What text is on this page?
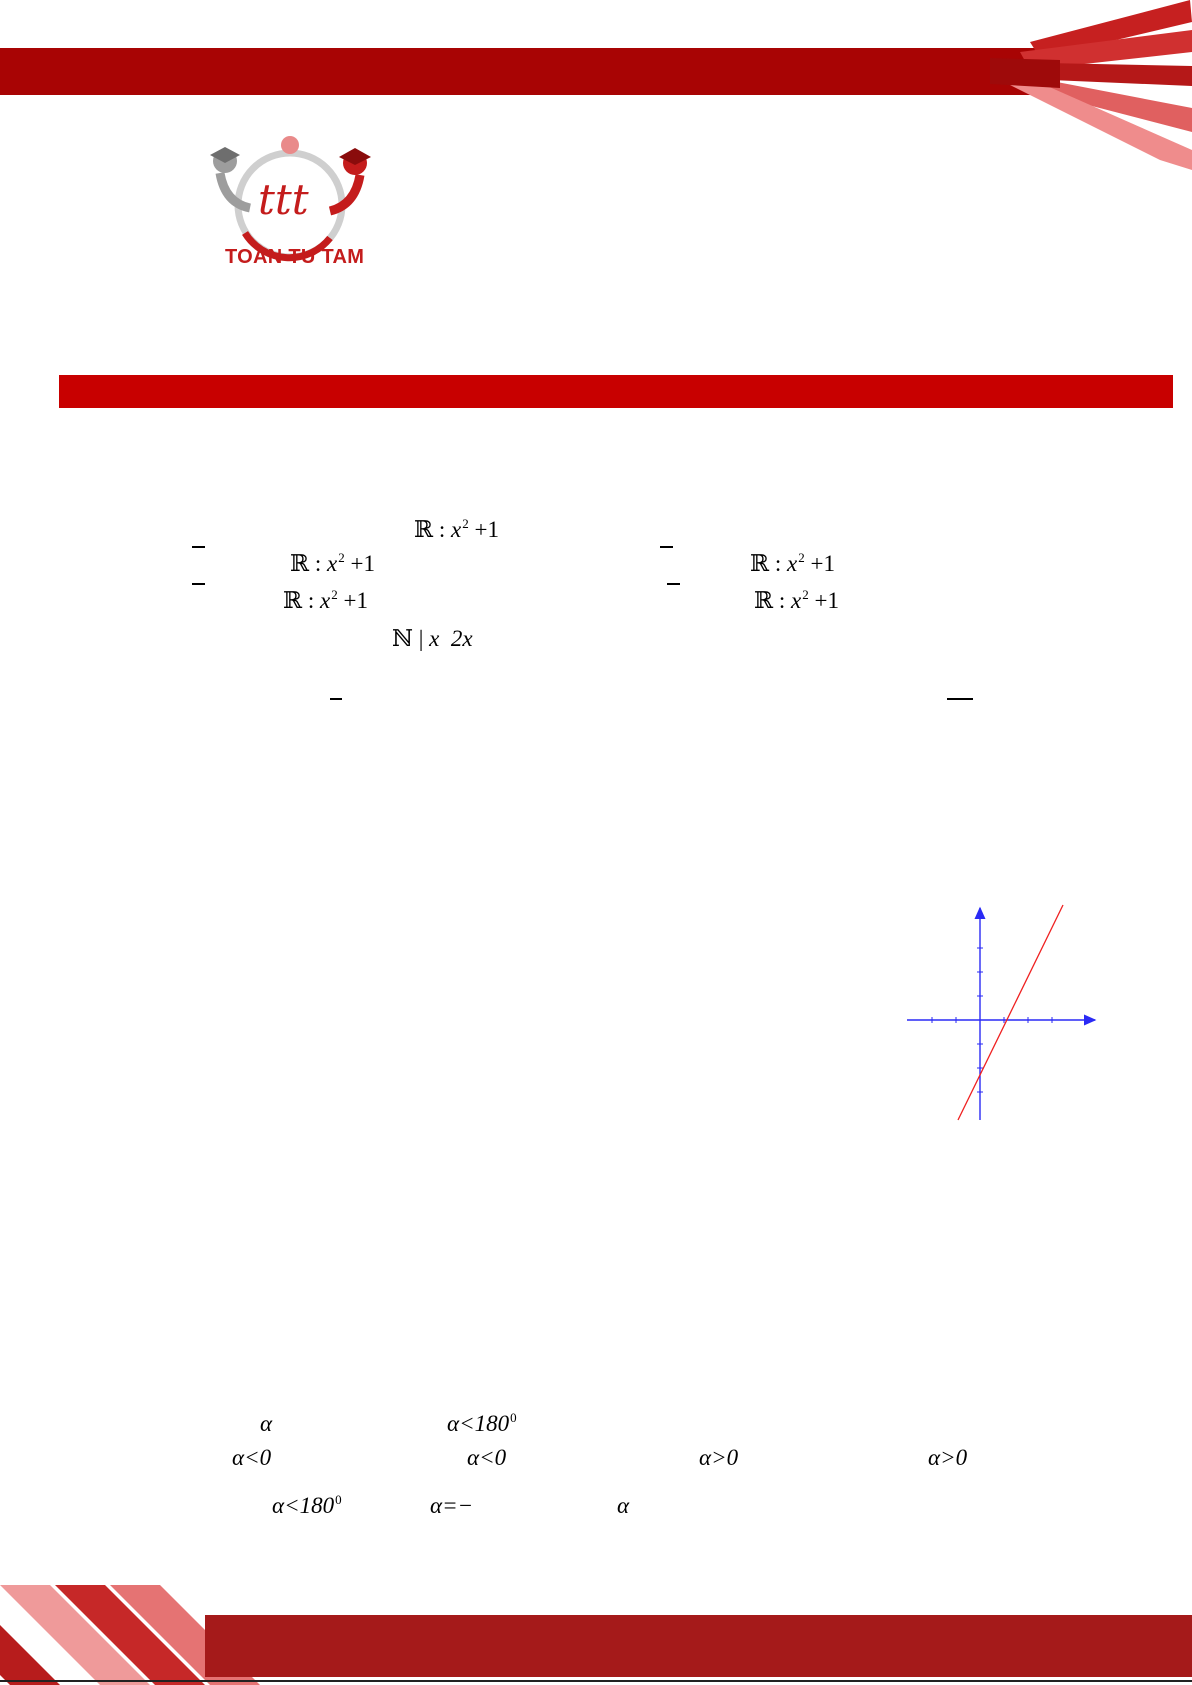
ttt
TOAN TU TAM
ℝ : $x^2 +1$
ℝ : $x^2 +1$	ℝ : $x^2 +1$
ℝ : $x^2 +1$	ℝ : $x^2 +1$
ℕ | x 2x
α	$\alpha<180^0$
α<0	α<0	α>0	α>0
$\alpha<180^0$	α=−	α
